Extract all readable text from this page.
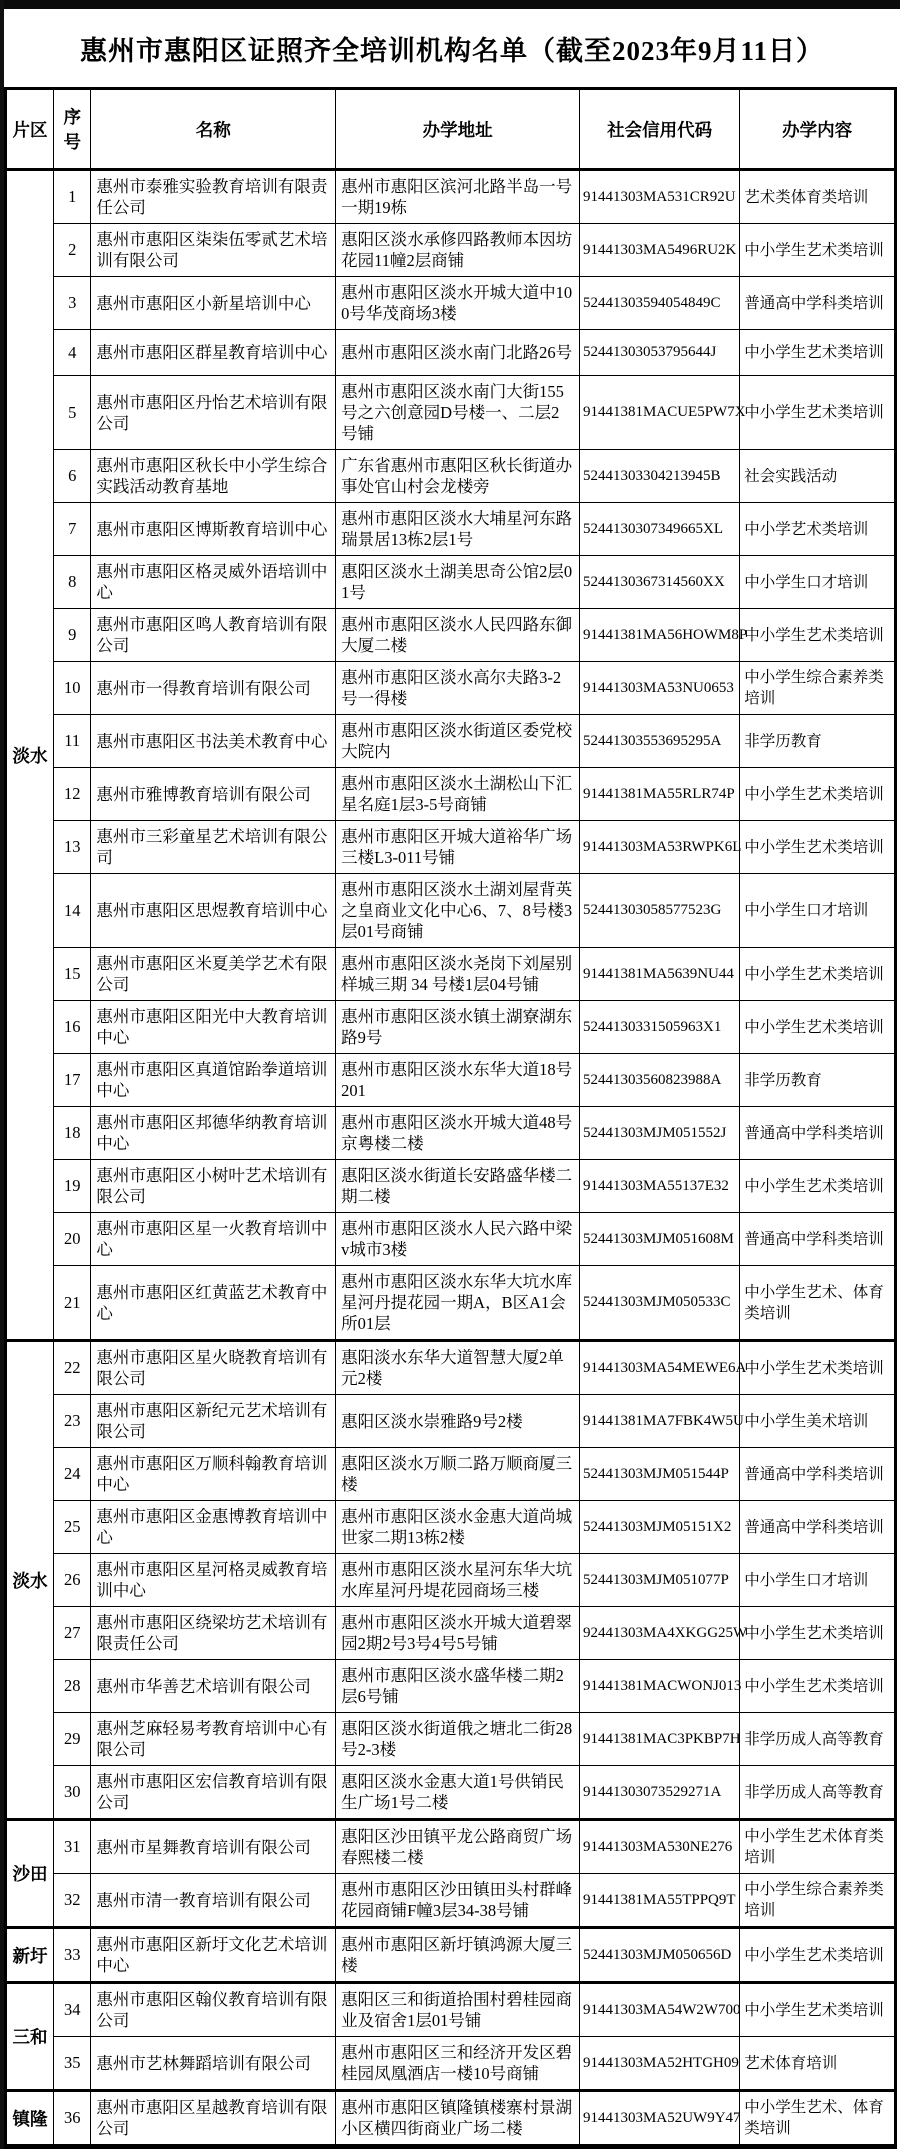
惠州市惠阳区证照齐全培训机构名单（截至2023年9月11日）
片区	序号	名称	办学地址	社会信用代码	办学内容
淡水	1	惠州市泰雅实验教育培训有限责任公司	惠州市惠阳区滨河北路半岛一号一期19栋	91441303MA531CR92U	艺术类体育类培训
	2	惠州市惠阳区柒柒伍零贰艺术培训有限公司	惠阳区淡水承修四路教师本因坊花园11幢2层商铺	91441303MA5496RU2K	中小学生艺术类培训
	3	惠州市惠阳区小新星培训中心	惠州市惠阳区淡水开城大道中100号华茂商场3楼	52441303594054849C	普通高中学科类培训
	4	惠州市惠阳区群星教育培训中心	惠州市惠阳区淡水南门北路26号	52441303053795644J	中小学生艺术类培训
	5	惠州市惠阳区丹怡艺术培训有限公司	惠州市惠阳区淡水南门大街155号之六创意园D号楼一、二层2号铺	91441381MACUE5PW7X	中小学生艺术类培训
	6	惠州市惠阳区秋长中小学生综合实践活动教育基地	广东省惠州市惠阳区秋长街道办事处官山村会龙楼旁	52441303304213945B	社会实践活动
	7	惠州市惠阳区博斯教育培训中心	惠州市惠阳区淡水大埔星河东路瑞景居13栋2层1号	5244130307349665XL	中小学艺术类培训
	8	惠州市惠阳区格灵威外语培训中心	惠阳区淡水土湖美思奇公馆2层01号	5244130367314560XX	中小学生口才培训
	9	惠州市惠阳区鸣人教育培训有限公司	惠州市惠阳区淡水人民四路东御大厦二楼	91441381MA56HOWM8P	中小学生艺术类培训
	10	惠州市一得教育培训有限公司	惠州市惠阳区淡水高尔夫路3-2号一得楼	91441303MA53NU0653	中小学生综合素养类培训
	11	惠州市惠阳区书法美术教育中心	惠州市惠阳区淡水街道区委党校大院内	52441303553695295A	非学历教育
	12	惠州市雅博教育培训有限公司	惠州市惠阳区淡水土湖松山下汇星名庭1层3-5号商铺	91441381MA55RLR74P	中小学生艺术类培训
	13	惠州市三彩童星艺术培训有限公司	惠州市惠阳区开城大道裕华广场三楼L3-011号铺	91441303MA53RWPK6L	中小学生艺术类培训
	14	惠州市惠阳区思煜教育培训中心	惠州市惠阳区淡水土湖刘屋背英之皇商业文化中心6、7、8号楼3层01号商铺	52441303058577523G	中小学生口才培训
	15	惠州市惠阳区米夏美学艺术有限公司	惠州市惠阳区淡水尧岗下刘屋别样城三期 34 号楼1层04号铺	91441381MA5639NU44	中小学生艺术类培训
	16	惠州市惠阳区阳光中大教育培训中心	惠州市惠阳区淡水镇土湖寮湖东路9号	5244130331505963X1	中小学生艺术类培训
	17	惠州市惠阳区真道馆跆拳道培训中心	惠州市惠阳区淡水东华大道18号201	52441303560823988A	非学历教育
	18	惠州市惠阳区邦德华纳教育培训中心	惠州市惠阳区淡水开城大道48号京粤楼二楼	52441303MJM051552J	普通高中学科类培训
	19	惠州市惠阳区小树叶艺术培训有限公司	惠阳区淡水街道长安路盛华楼二期二楼	91441303MA55137E32	中小学生艺术类培训
	20	惠州市惠阳区星一火教育培训中心	惠州市惠阳区淡水人民六路中梁v城市3楼	52441303MJM051608M	普通高中学科类培训
	21	惠州市惠阳区红黄蓝艺术教育中心	惠州市惠阳区淡水东华大坑水库星河丹提花园一期A，B区A1会所01层	52441303MJM050533C	中小学生艺术、体育类培训
淡水	22	惠州市惠阳区星火晓教育培训有限公司	惠阳淡水东华大道智慧大厦2单元2楼	91441303MA54MEWE6A	中小学生艺术类培训
	23	惠州市惠阳区新纪元艺术培训有限公司	惠阳区淡水崇雅路9号2楼	91441381MA7FBK4W5U	中小学生美术培训
	24	惠州市惠阳区万顺科翰教育培训中心	惠阳区淡水万顺二路万顺商厦三楼	52441303MJM051544P	普通高中学科类培训
	25	惠州市惠阳区金惠博教育培训中心	惠州市惠阳区淡水金惠大道尚城世家二期13栋2楼	52441303MJM05151X2	普通高中学科类培训
	26	惠州市惠阳区星河格灵威教育培训中心	惠州市惠阳区淡水星河东华大坑水库星河丹堤花园商场三楼	52441303MJM051077P	中小学生口才培训
	27	惠州市惠阳区绕梁坊艺术培训有限责任公司	惠州市惠阳区淡水开城大道碧翠园2期2号3号4号5号铺	92441303MA4XKGG25W	中小学生艺术类培训
	28	惠州市华善艺术培训有限公司	惠州市惠阳区淡水盛华楼二期2层6号铺	91441381MACWONJ013	中小学生艺术类培训
	29	惠州芝麻轻易考教育培训中心有限公司	惠阳区淡水街道俄之塘北二街28号2-3楼	91441381MAC3PKBP7H	非学历成人高等教育
	30	惠州市惠阳区宏信教育培训有限公司	惠阳区淡水金惠大道1号供销民生广场1号二楼	91441303073529271A	非学历成人高等教育
沙田	31	惠州市星舞教育培训有限公司	惠阳区沙田镇平龙公路商贸广场春熙楼二楼	91441303MA530NE276	中小学生艺术体育类培训
	32	惠州市清一教育培训有限公司	惠州市惠阳区沙田镇田头村群峰花园商铺F幢3层34-38号铺	91441381MA55TPPQ9T	中小学生综合素养类培训
新圩	33	惠州市惠阳区新圩文化艺术培训中心	惠州市惠阳区新圩镇鸿源大厦三楼	52441303MJM050656D	中小学生艺术类培训
三和	34	惠州市惠阳区翰仪教育培训有限公司	惠阳区三和街道拾围村碧桂园商业及宿舍1层01号铺	91441303MA54W2W700	中小学生艺术类培训
	35	惠州市艺林舞蹈培训有限公司	惠州市惠阳区三和经济开发区碧桂园凤凰酒店一楼10号商铺	91441303MA52HTGH09	艺术体育培训
镇隆	36	惠州市惠阳区星越教育培训有限公司	惠州市惠阳区镇隆镇楼寨村景湖小区横四街商业广场二楼	91441303MA52UW9Y47	中小学生艺术、体育类培训
